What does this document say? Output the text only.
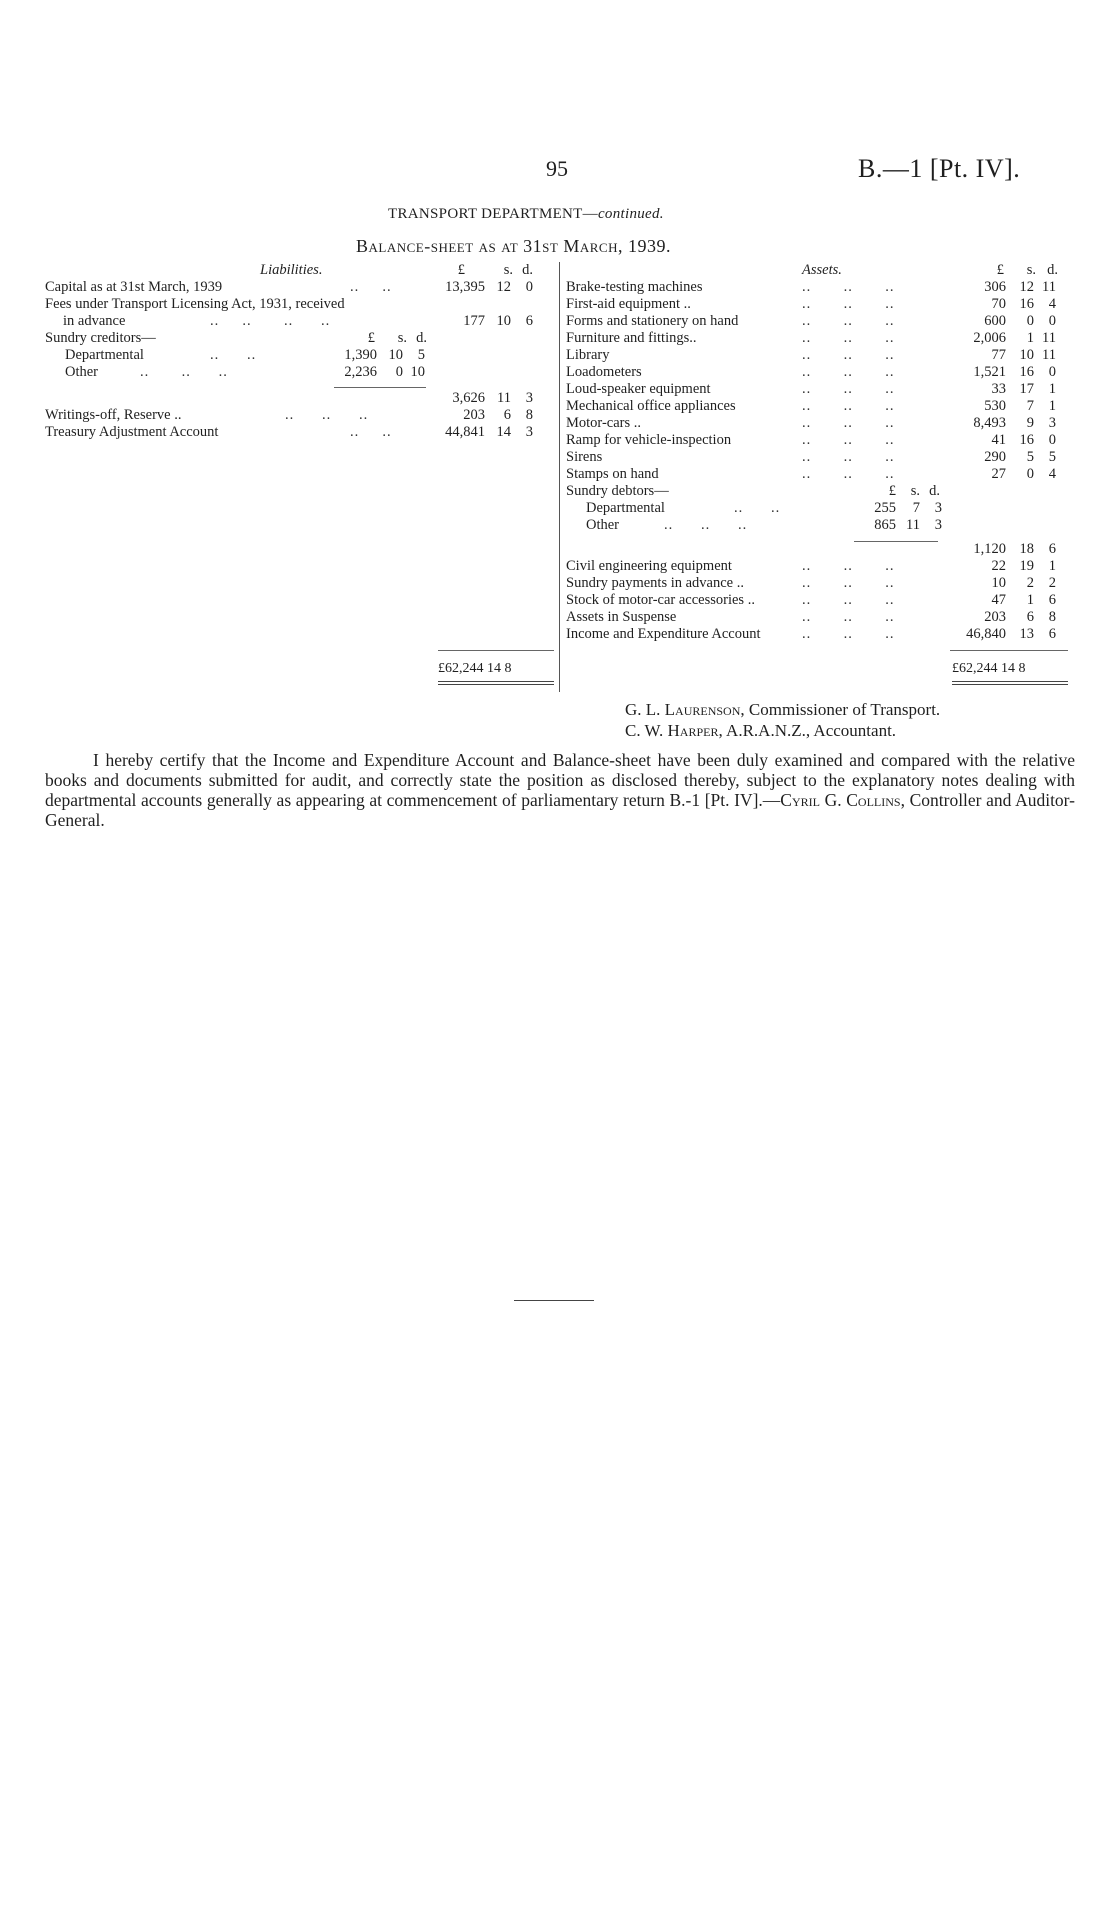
95	B.—1 [Pt. IV].
TRANSPORT DEPARTMENT—continued.
Balance-sheet as at 31st March, 1939.
Liabilities.	£	s. d.
Capital as at 31st March, 1939	..     ..	13,395 12	0
Fees under Transport Licensing Act, 1931, received
in advance	..     ..       ..      ..	177 10	6
Sundry creditors—	£	s. d.
Departmental	..      ..	1,390 10	5
Other	..       ..      ..	2,236	0 10
3,626 11	3
Writings-off, Reserve ..	..      ..      ..	203	6	8
Treasury Adjustment Account	..     ..	44,841 14	3
£62,244 14 8
Assets.	£	s. d.
Brake-testing machines	..       ..       ..	306 12 11
First-aid equipment ..	..       ..       ..	70 16	4
Forms and stationery on hand	..       ..       ..	600	0	0
Furniture and fittings..	..       ..       ..	2,006	1 11
Library	..       ..       ..	77 10 11
Loadometers	..       ..       ..	1,521 16	0
Loud-speaker equipment	..       ..       ..	33 17	1
Mechanical office appliances	..       ..       ..	530	7	1
Motor-cars ..	..       ..       ..	8,493	9	3
Ramp for vehicle-inspection	..       ..       ..	41 16	0
Sirens	..       ..       ..	290	5	5
Stamps on hand	..       ..       ..	27	0	4
Sundry debtors—	£	s. d.
Departmental	..      ..	255	7	3
Other	..      ..      ..	865 11	3
1,120 18	6
Civil engineering equipment	..       ..       ..	22 19	1
Sundry payments in advance ..	..       ..       ..	10	2	2
Stock of motor-car accessories ..	..       ..       ..	47	1	6
Assets in Suspense	..       ..       ..	203	6	8
Income and Expenditure Account	..       ..       ..	46,840 13	6
£62,244 14 8
G. L. Laurenson, Commissioner of Transport.
C. W. Harper, A.R.A.N.Z., Accountant.

I hereby certify that the Income and Expenditure Account and Balance-sheet have been duly examined and compared with the relative books and documents submitted for audit, and correctly state the position as disclosed thereby, subject to the explanatory notes dealing with departmental accounts generally as appearing at commencement of parliamentary return B.-1 [Pt. IV].—Cyril G. Collins, Controller and Auditor-General.
